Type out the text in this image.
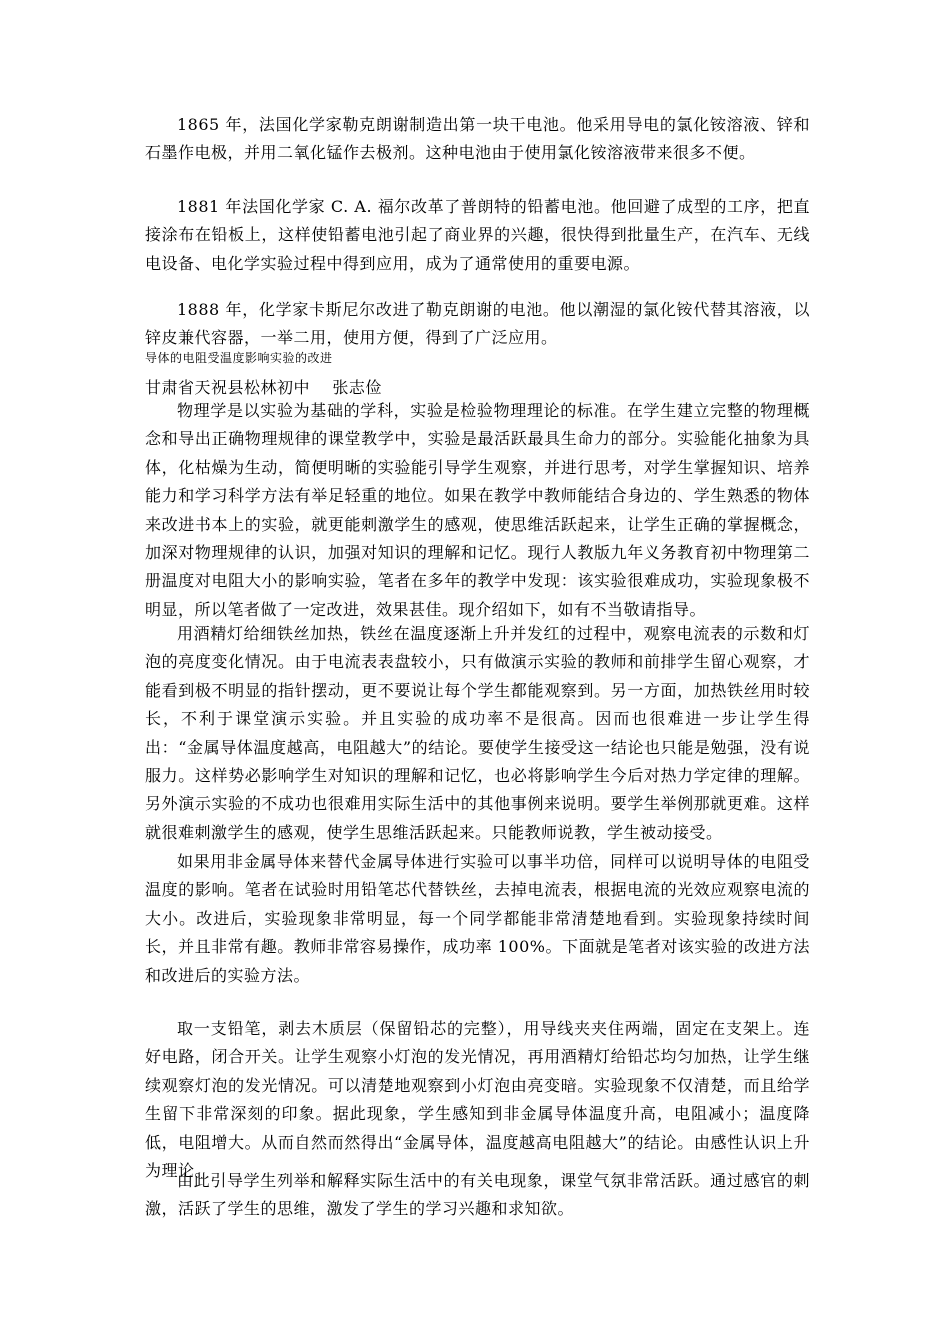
1865 年，法国化学家勒克朗谢制造出第一块干电池。他采用导电的氯化铵溶液、锌和石墨作电极，并用二氧化锰作去极剂。这种电池由于使用氯化铵溶液带来很多不便。

1881 年法国化学家 C. A. 福尔改革了普朗特的铅蓄电池。他回避了成型的工序，把直接涂布在铅板上，这样使铅蓄电池引起了商业界的兴趣，很快得到批量生产，在汽车、无线电设备、电化学实验过程中得到应用，成为了通常使用的重要电源。

1888 年，化学家卡斯尼尔改进了勒克朗谢的电池。他以潮湿的氯化铵代替其溶液，以锌皮兼代容器，一举二用，使用方便，得到了广泛应用。

导体的电阻受温度影响实验的改进

甘肃省天祝县松林初中    张志俭

物理学是以实验为基础的学科，实验是检验物理理论的标准。在学生建立完整的物理概念和导出正确物理规律的课堂教学中，实验是最活跃最具生命力的部分。实验能化抽象为具体，化枯燥为生动，简便明晰的实验能引导学生观察，并进行思考，对学生掌握知识、培养能力和学习科学方法有举足轻重的地位。如果在教学中教师能结合身边的、学生熟悉的物体来改进书本上的实验，就更能刺激学生的感观，使思维活跃起来，让学生正确的掌握概念，加深对物理规律的认识，加强对知识的理解和记忆。现行人教版九年义务教育初中物理第二册温度对电阻大小的影响实验，笔者在多年的教学中发现：该实验很难成功，实验现象极不明显，所以笔者做了一定改进，效果甚佳。现介绍如下，如有不当敬请指导。

用酒精灯给细铁丝加热，铁丝在温度逐渐上升并发红的过程中，观察电流表的示数和灯泡的亮度变化情况。由于电流表表盘较小，只有做演示实验的教师和前排学生留心观察，才能看到极不明显的指针摆动，更不要说让每个学生都能观察到。另一方面，加热铁丝用时较长，不利于课堂演示实验。并且实验的成功率不是很高。因而也很难进一步让学生得出：“金属导体温度越高，电阻越大”的结论。要使学生接受这一结论也只能是勉强，没有说服力。这样势必影响学生对知识的理解和记忆，也必将影响学生今后对热力学定律的理解。另外演示实验的不成功也很难用实际生活中的其他事例来说明。要学生举例那就更难。这样就很难刺激学生的感观，使学生思维活跃起来。只能教师说教，学生被动接受。

如果用非金属导体来替代金属导体进行实验可以事半功倍，同样可以说明导体的电阻受温度的影响。笔者在试验时用铅笔芯代替铁丝，去掉电流表，根据电流的光效应观察电流的大小。改进后，实验现象非常明显，每一个同学都能非常清楚地看到。实验现象持续时间长，并且非常有趣。教师非常容易操作，成功率 100%。下面就是笔者对该实验的改进方法和改进后的实验方法。

取一支铅笔，剥去木质层（保留铅芯的完整），用导线夹夹住两端，固定在支架上。连好电路，闭合开关。让学生观察小灯泡的发光情况，再用酒精灯给铅芯均匀加热，让学生继续观察灯泡的发光情况。可以清楚地观察到小灯泡由亮变暗。实验现象不仅清楚，而且给学生留下非常深刻的印象。据此现象，学生感知到非金属导体温度升高，电阻减小；温度降低，电阻增大。从而自然而然得出“金属导体，温度越高电阻越大”的结论。由感性认识上升为理论。

由此引导学生列举和解释实际生活中的有关电现象，课堂气氛非常活跃。通过感官的刺激，活跃了学生的思维，激发了学生的学习兴趣和求知欲。
